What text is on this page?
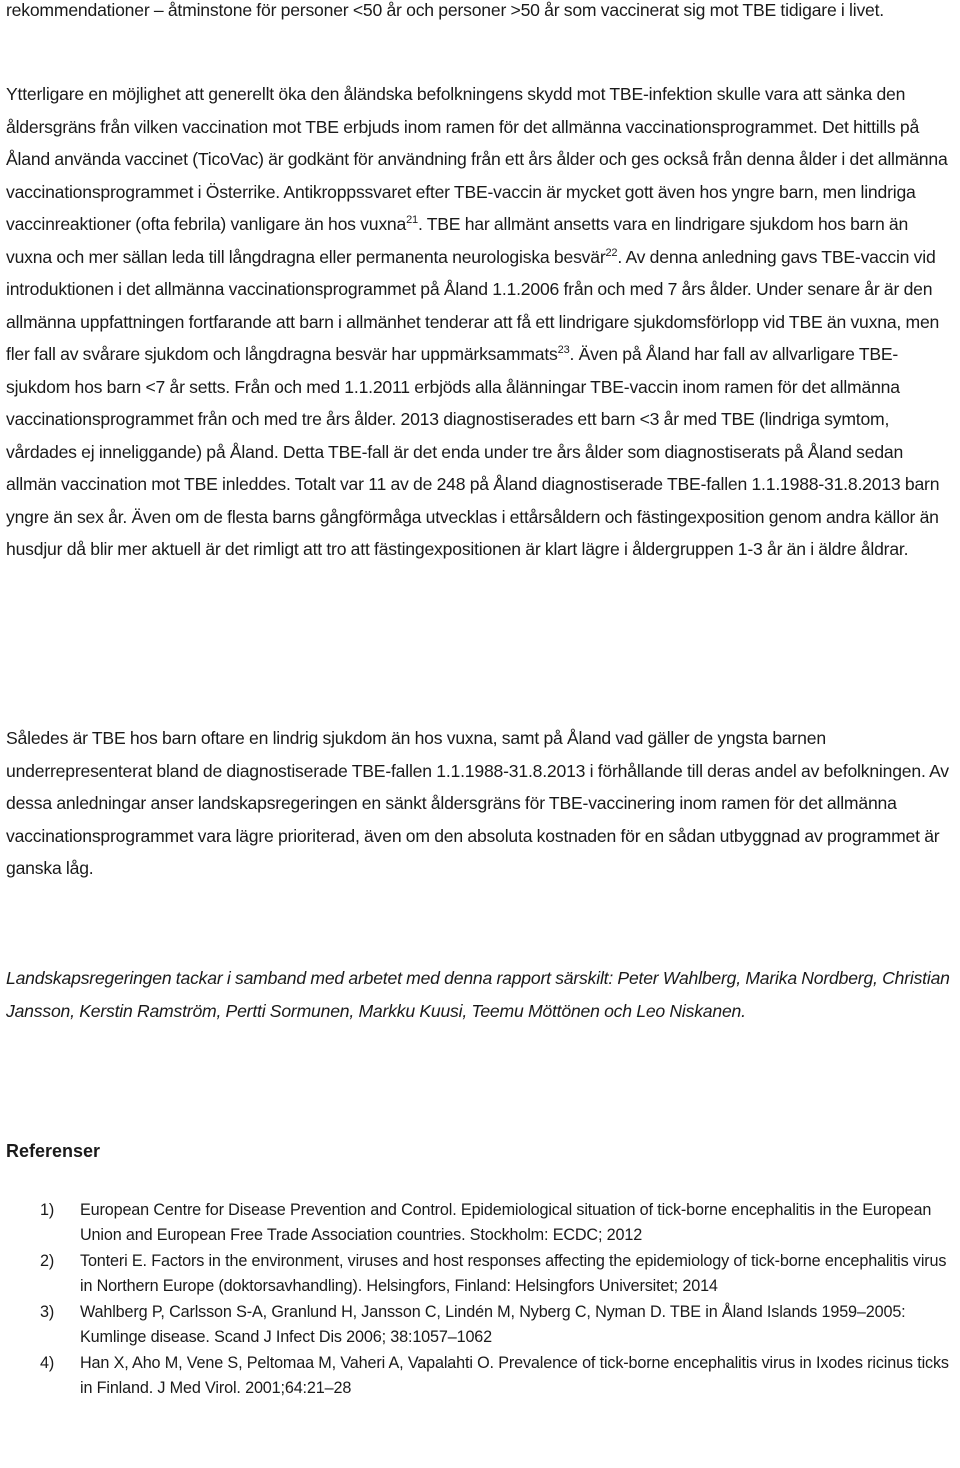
rekommendationer – åtminstone för personer <50 år och personer >50 år som vaccinerat sig mot TBE tidigare i livet.

Ytterligare en möjlighet att generellt öka den åländska befolkningens skydd mot TBE-infektion skulle vara att sänka den åldersgräns från vilken vaccination mot TBE erbjuds inom ramen för det allmänna vaccinationsprogrammet. Det hittills på Åland använda vaccinet (TicoVac) är godkänt för användning från ett års ålder och ges också från denna ålder i det allmänna vaccinationsprogrammet i Österrike. Antikroppssvaret efter TBE-vaccin är mycket gott även hos yngre barn, men lindriga vaccinreaktioner (ofta febrila) vanligare än hos vuxna$^{21}$. TBE har allmänt ansetts vara en lindrigare sjukdom hos barn än vuxna och mer sällan leda till långdragna eller permanenta neurologiska besvär$^{22}$. Av denna anledning gavs TBE-vaccin vid introduktionen i det allmänna vaccinationsprogrammet på Åland 1.1.2006 från och med 7 års ålder. Under senare år är den allmänna uppfattningen fortfarande att barn i allmänhet tenderar att få ett lindrigare sjukdomsförlopp vid TBE än vuxna, men fler fall av svårare sjukdom och långdragna besvär har uppmärksammats$^{23}$. Även på Åland har fall av allvarligare TBE-sjukdom hos barn <7 år setts. Från och med 1.1.2011 erbjöds alla ålänningar TBE-vaccin inom ramen för det allmänna vaccinationsprogrammet från och med tre års ålder. 2013 diagnostiserades ett barn <3 år med TBE (lindriga symtom, vårdades ej inneliggande) på Åland. Detta TBE-fall är det enda under tre års ålder som diagnostiserats på Åland sedan allmän vaccination mot TBE inleddes. Totalt var 11 av de 248 på Åland diagnostiserade TBE-fallen 1.1.1988-31.8.2013 barn yngre än sex år. Även om de flesta barns gångförmåga utvecklas i ettårsåldern och fästingexposition genom andra källor än husdjur då blir mer aktuell är det rimligt att tro att fästingexpositionen är klart lägre i åldergruppen 1-3 år än i äldre åldrar.

Således är TBE hos barn oftare en lindrig sjukdom än hos vuxna, samt på Åland vad gäller de yngsta barnen underrepresenterat bland de diagnostiserade TBE-fallen 1.1.1988-31.8.2013 i förhållande till deras andel av befolkningen. Av dessa anledningar anser landskapsregeringen en sänkt åldersgräns för TBE-vaccinering inom ramen för det allmänna vaccinationsprogrammet vara lägre prioriterad, även om den absoluta kostnaden för en sådan utbyggnad av programmet är ganska låg.

Landskapsregeringen tackar i samband med arbetet med denna rapport särskilt: Peter Wahlberg, Marika Nordberg, Christian Jansson, Kerstin Ramström, Pertti Sormunen, Markku Kuusi, Teemu Möttönen och Leo Niskanen.

Referenser
1) European Centre for Disease Prevention and Control. Epidemiological situation of tick-borne encephalitis in the European Union and European Free Trade Association countries. Stockholm: ECDC; 2012
2) Tonteri E. Factors in the environment, viruses and host responses affecting the epidemiology of tick-borne encephalitis virus in Northern Europe (doktorsavhandling). Helsingfors, Finland: Helsingfors Universitet; 2014
3) Wahlberg P, Carlsson S-A, Granlund H, Jansson C, Lindén M, Nyberg C, Nyman D. TBE in Åland Islands 1959–2005: Kumlinge disease. Scand J Infect Dis 2006; 38:1057–1062
4) Han X, Aho M, Vene S, Peltomaa M, Vaheri A, Vapalahti O. Prevalence of tick-borne encephalitis virus in Ixodes ricinus ticks in Finland. J Med Virol. 2001;64:21–28
